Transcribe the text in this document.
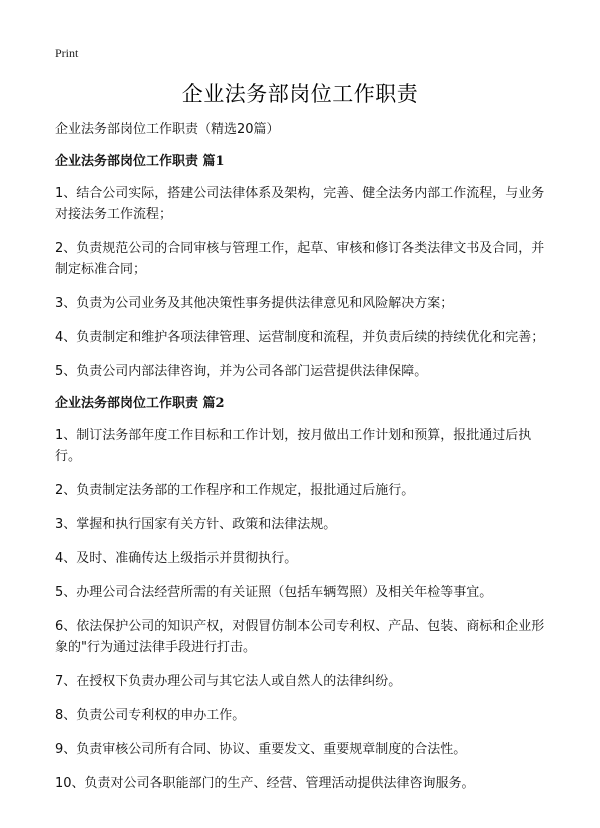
Print
企业法务部岗位工作职责
企业法务部岗位工作职责（精选20篇）
企业法务部岗位工作职责 篇1
1、结合公司实际，搭建公司法律体系及架构，完善、健全法务内部工作流程，与业务对接法务工作流程；
2、负责规范公司的合同审核与管理工作，起草、审核和修订各类法律文书及合同，并制定标准合同；
3、负责为公司业务及其他决策性事务提供法律意见和风险解决方案；
4、负责制定和维护各项法律管理、运营制度和流程，并负责后续的持续优化和完善；
5、负责公司内部法律咨询，并为公司各部门运营提供法律保障。
企业法务部岗位工作职责 篇2
1、制订法务部年度工作目标和工作计划，按月做出工作计划和预算，报批通过后执行。
2、负责制定法务部的工作程序和工作规定，报批通过后施行。
3、掌握和执行国家有关方针、政策和法律法规。
4、及时、准确传达上级指示并贯彻执行。
5、办理公司合法经营所需的有关证照（包括车辆驾照）及相关年检等事宜。
6、依法保护公司的知识产权，对假冒仿制本公司专利权、产品、包装、商标和企业形象的"行为通过法律手段进行打击。
7、在授权下负责办理公司与其它法人或自然人的法律纠纷。
8、负责公司专利权的申办工作。
9、负责审核公司所有合同、协议、重要发文、重要规章制度的合法性。
10、负责对公司各职能部门的生产、经营、管理活动提供法律咨询服务。
